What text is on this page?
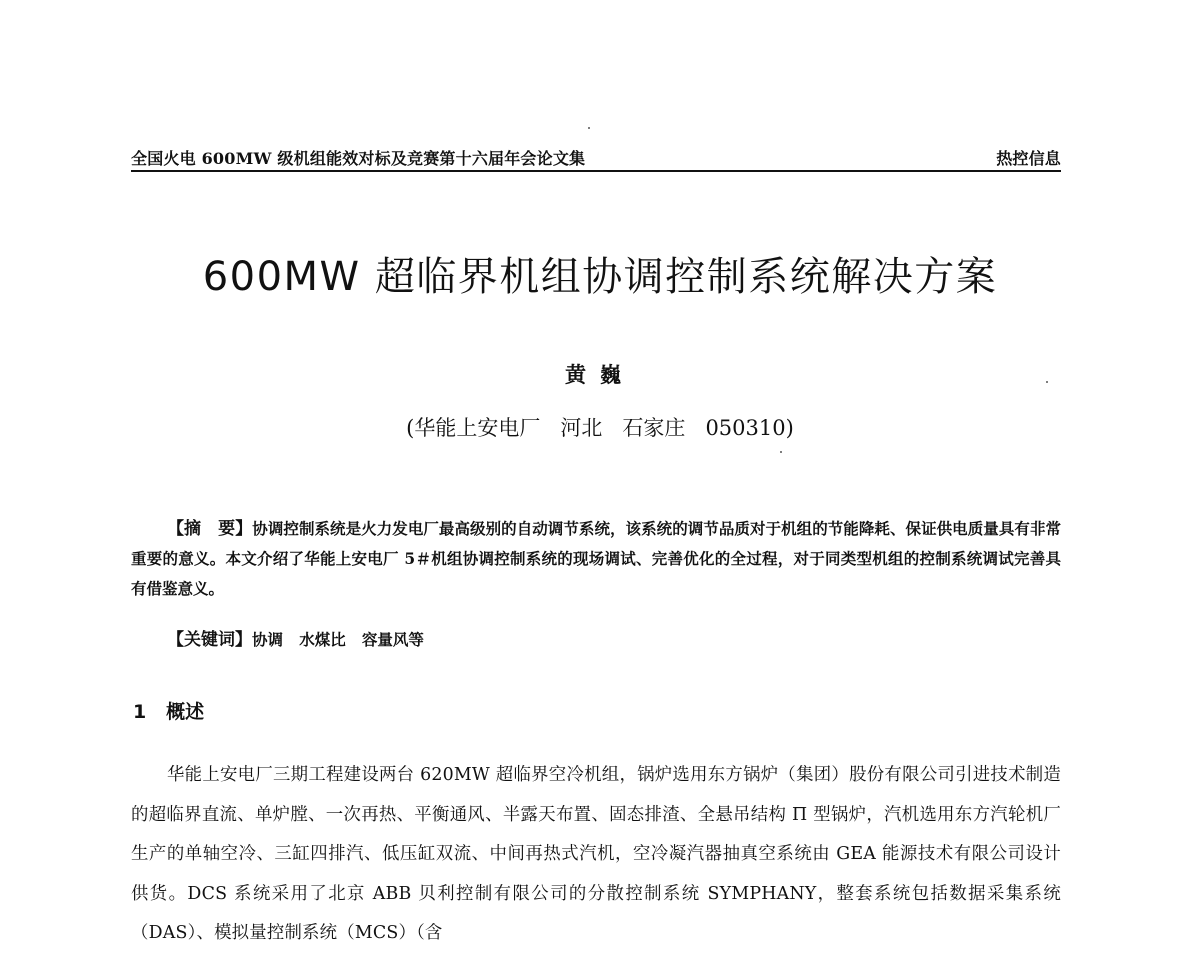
全国火电 600MW 级机组能效对标及竞赛第十六届年会论文集	热控信息
600MW 超临界机组协调控制系统解决方案
黄巍
(华能上安电厂   河北   石家庄   050310)
【摘　要】协调控制系统是火力发电厂最高级别的自动调节系统，该系统的调节品质对于机组的节能降耗、保证供电质量具有非常重要的意义。本文介绍了华能上安电厂 5＃机组协调控制系统的现场调试、完善优化的全过程，对于同类型机组的控制系统调试完善具有借鉴意义。
【关键词】协调   水煤比   容量风等
1 概述
华能上安电厂三期工程建设两台 620MW 超临界空冷机组，锅炉选用东方锅炉（集团）股份有限公司引进技术制造的超临界直流、单炉膛、一次再热、平衡通风、半露天布置、固态排渣、全悬吊结构 Π 型锅炉，汽机选用东方汽轮机厂生产的单轴空冷、三缸四排汽、低压缸双流、中间再热式汽机，空冷凝汽器抽真空系统由 GEA 能源技术有限公司设计供货。DCS 系统采用了北京 ABB 贝利控制有限公司的分散控制系统 SYMPHANY，整套系统包括数据采集系统（DAS）、模拟量控制系统（MCS）（含
